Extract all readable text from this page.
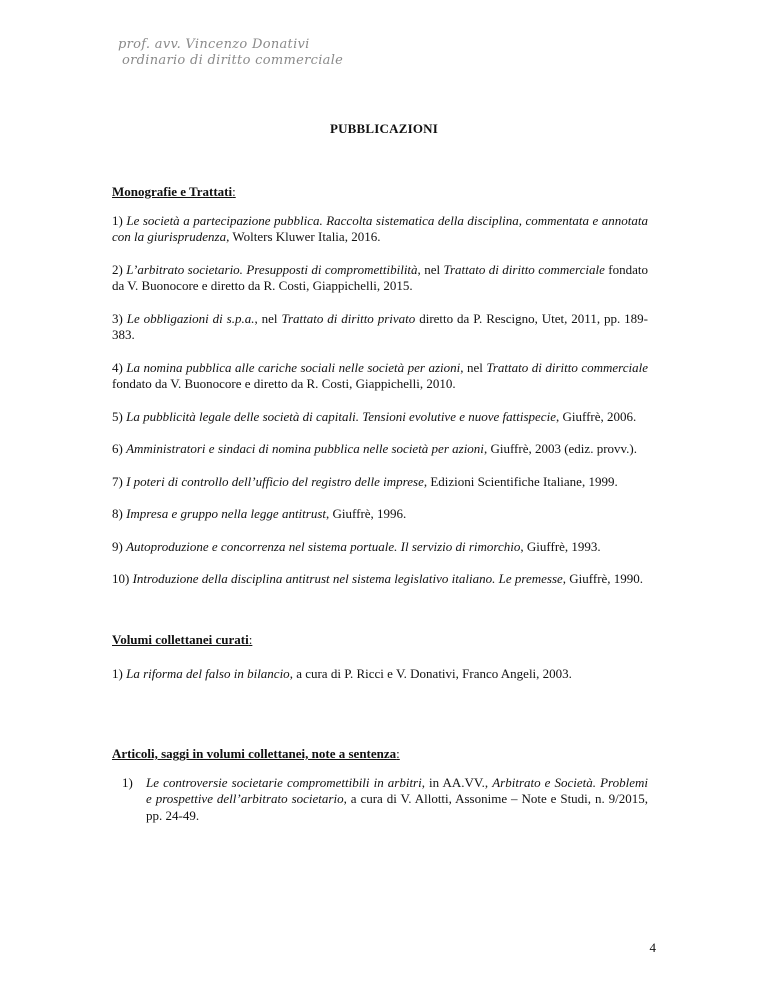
prof. avv. Vincenzo Donativi
ordinario di diritto commerciale
PUBBLICAZIONI

Monografie e Trattati:

1) Le società a partecipazione pubblica. Raccolta sistematica della disciplina, commentata e annotata con la giurisprudenza, Wolters Kluwer Italia, 2016.

2) L’arbitrato societario. Presupposti di compromettibilità, nel Trattato di diritto commerciale fondato da V. Buonocore e diretto da R. Costi, Giappichelli, 2015.

3) Le obbligazioni di s.p.a., nel Trattato di diritto privato diretto da P. Rescigno, Utet, 2011, pp. 189-383.

4) La nomina pubblica alle cariche sociali nelle società per azioni, nel Trattato di diritto commerciale fondato da V. Buonocore e diretto da R. Costi, Giappichelli, 2010.

5) La pubblicità legale delle società di capitali. Tensioni evolutive e nuove fattispecie, Giuffrè, 2006.

6) Amministratori e sindaci di nomina pubblica nelle società per azioni, Giuffrè, 2003 (ediz. provv.).

7) I poteri di controllo dell’ufficio del registro delle imprese, Edizioni Scientifiche Italiane, 1999.

8) Impresa e gruppo nella legge antitrust, Giuffrè, 1996.

9) Autoproduzione e concorrenza nel sistema portuale. Il servizio di rimorchio, Giuffrè, 1993.

10) Introduzione della disciplina antitrust nel sistema legislativo italiano. Le premesse, Giuffrè, 1990.

Volumi collettanei curati:

1) La riforma del falso in bilancio, a cura di P. Ricci e V. Donativi, Franco Angeli, 2003.

Articoli, saggi in volumi collettanei, note a sentenza:

1) Le controversie societarie compromettibili in arbitri, in AA.VV., Arbitrato e Società. Problemi e prospettive dell’arbitrato societario, a cura di V. Allotti, Assonime – Note e Studi, n. 9/2015, pp. 24-49.

4
